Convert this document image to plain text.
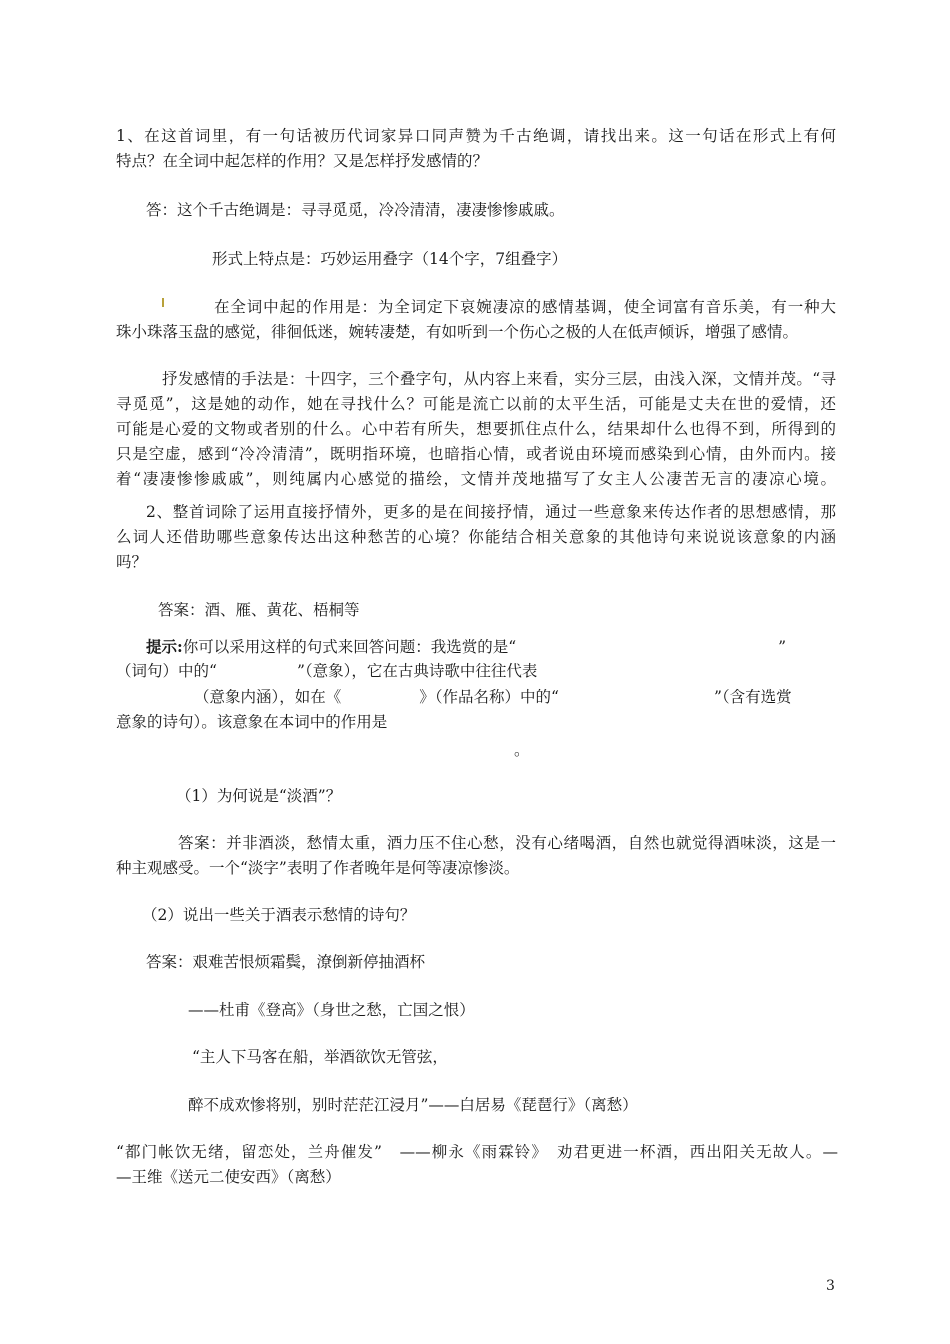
1、在这首词里，有一句话被历代词家异口同声赞为千古绝调，请找出来。这一句话在形式上有何
特点？在全词中起怎样的作用？又是怎样抒发感情的？
答：这个千古绝调是：寻寻觅觅，冷冷清清，凄凄惨惨戚戚。
形式上特点是：巧妙运用叠字（14个字，7组叠字）
在全词中起的作用是：为全词定下哀婉凄凉的感情基调，使全词富有音乐美，有一种大
珠小珠落玉盘的感觉，徘徊低迷，婉转凄楚，有如听到一个伤心之极的人在低声倾诉，增强了感情。
抒发感情的手法是：十四字，三个叠字句，从内容上来看，实分三层，由浅入深，文情并茂。“寻
寻觅觅”，这是她的动作，她在寻找什么？可能是流亡以前的太平生活，可能是丈夫在世的爱情，还
可能是心爱的文物或者别的什么。心中若有所失，想要抓住点什么，结果却什么也得不到，所得到的
只是空虚，感到“冷冷清清”，既明指环境，也暗指心情，或者说由环境而感染到心情，由外而内。接
着“凄凄惨惨戚戚”，则纯属内心感觉的描绘，文情并茂地描写了女主人公凄苦无言的凄凉心境。
2、整首词除了运用直接抒情外，更多的是在间接抒情，通过一些意象来传达作者的思想感情，那
么词人还借助哪些意象传达出这种愁苦的心境？你能结合相关意象的其他诗句来说说该意象的内涵
吗？
答案：酒、雁、黄花、梧桐等
提示:你可以采用这样的句式来回答问题：我选赏的是“	”
（词句）中的“	”（意象），它在古典诗歌中往往代表
（意象内涵），如在《	》（作品名称）中的“	”（含有选赏
意象的诗句）。该意象在本词中的作用是
。
（1）为何说是“淡酒”？
答案：并非酒淡，愁情太重，酒力压不住心愁，没有心绪喝酒，自然也就觉得酒味淡，这是一
种主观感受。一个“淡字”表明了作者晚年是何等凄凉惨淡。
（2）说出一些关于酒表示愁情的诗句？
答案：艰难苦恨烦霜鬓，潦倒新停抽酒杯
——杜甫《登高》（身世之愁，亡国之恨）
“主人下马客在船，举酒欲饮无管弦，
醉不成欢惨将别，别时茫茫江浸月”——白居易《琵琶行》（离愁）
“都门帐饮无绪，留恋处，兰舟催发”　——柳永《雨霖铃》　劝君更进一杯酒，西出阳关无故人。—
—王维《送元二使安西》（离愁）
3
